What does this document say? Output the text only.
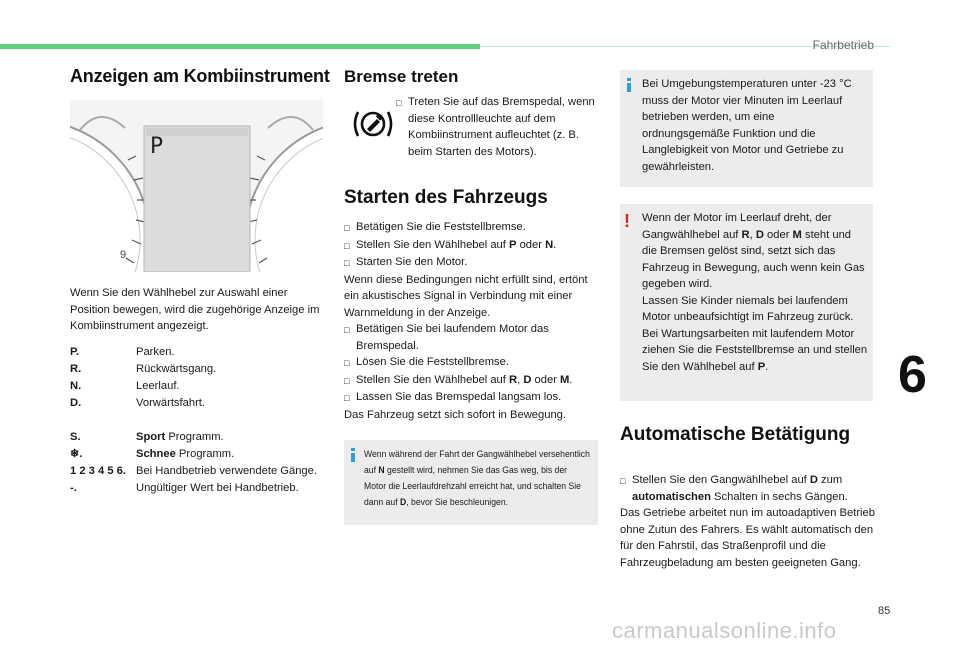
Fahrbetrieb
6
85
carmanualsonline.info
Anzeigen am Kombiinstrument
9
P
Wenn Sie den Wählhebel zur Auswahl einer Position bewegen, wird die zugehörige Anzeige im Kombiinstrument angezeigt.
P.	Parken.
R.	Rückwärtsgang.
N.	Leerlauf.
D.	Vorwärtsfahrt.
S.	Sport Programm.
❄.	Schnee Programm.
1 2 3 4 5 6. Bei Handbetrieb verwendete Gänge.
-.	Ungültiger Wert bei Handbetrieb.
Bremse treten
□ Treten Sie auf das Bremspedal, wenn diese Kontrollleuchte auf dem Kombiinstrument aufleuchtet (z. B. beim Starten des Motors).
Starten des Fahrzeugs
□ Betätigen Sie die Feststellbremse.
□ Stellen Sie den Wählhebel auf P oder N.
□ Starten Sie den Motor.
Wenn diese Bedingungen nicht erfüllt sind, ertönt ein akustisches Signal in Verbindung mit einer Warnmeldung in der Anzeige.
□ Betätigen Sie bei laufendem Motor das Bremspedal.
□ Lösen Sie die Feststellbremse.
□ Stellen Sie den Wählhebel auf R, D oder M.
□ Lassen Sie das Bremspedal langsam los.
Das Fahrzeug setzt sich sofort in Bewegung.
Wenn während der Fahrt der Gangwählhebel versehentlich auf N gestellt wird, nehmen Sie das Gas weg, bis der Motor die Leerlaufdrehzahl erreicht hat, und schalten Sie dann auf D, bevor Sie beschleunigen.
Bei Umgebungstemperaturen unter -23 °C muss der Motor vier Minuten im Leerlauf betrieben werden, um eine ordnungsgemäße Funktion und die Langlebigkeit von Motor und Getriebe zu gewährleisten.
! Wenn der Motor im Leerlauf dreht, der Gangwählhebel auf R, D oder M steht und die Bremsen gelöst sind, setzt sich das Fahrzeug in Bewegung, auch wenn kein Gas gegeben wird.
Lassen Sie Kinder niemals bei laufendem Motor unbeaufsichtigt im Fahrzeug zurück.
Bei Wartungsarbeiten mit laufendem Motor ziehen Sie die Feststellbremse an und stellen Sie den Wählhebel auf P.
Automatische Betätigung
□ Stellen Sie den Gangwählhebel auf D zum automatischen Schalten in sechs Gängen.
Das Getriebe arbeitet nun im autoadaptiven Betrieb ohne Zutun des Fahrers. Es wählt automatisch den für den Fahrstil, das Straßenprofil und die Fahrzeugbeladung am besten geeigneten Gang.
